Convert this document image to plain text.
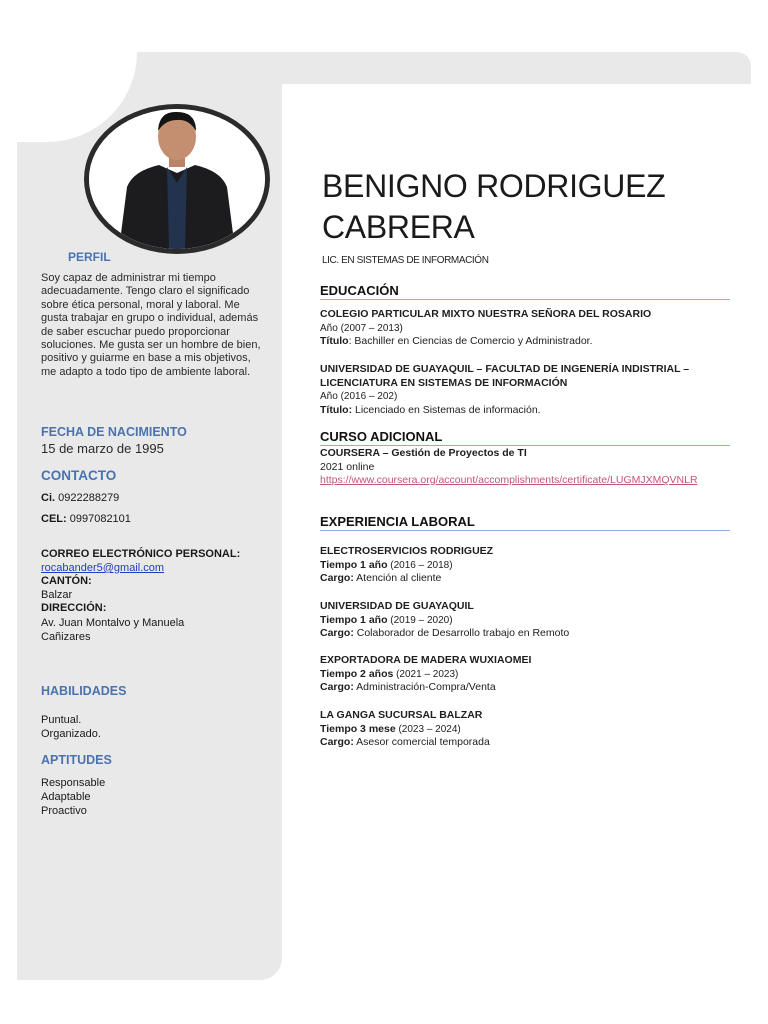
PERFIL
Soy capaz de administrar mi tiempo adecuadamente. Tengo claro el significado sobre ética personal, moral y laboral. Me gusta trabajar en grupo o individual, además de saber escuchar puedo proporcionar soluciones. Me gusta ser un hombre de bien, positivo y guiarme en base a mis objetivos, me adapto a todo tipo de ambiente laboral.
FECHA DE NACIMIENTO
15 de marzo de 1995
CONTACTO
Ci. 0922288279
CEL: 0997082101
CORREO ELECTRÓNICO PERSONAL:
rocabander5@gmail.com
CANTÓN:
Balzar
DIRECCIÓN:
Av. Juan Montalvo y Manuela Cañizares
HABILIDADES
Puntual.
Organizado.
APTITUDES
Responsable
Adaptable
Proactivo
BENIGNO RODRIGUEZ
CABRERA
LIC. EN SISTEMAS DE INFORMACIÓN
EDUCACIÓN
COLEGIO PARTICULAR MIXTO NUESTRA SEÑORA DEL ROSARIO
Año (2007 – 2013)
Título: Bachiller en Ciencias de Comercio y Administrador.
UNIVERSIDAD DE GUAYAQUIL – FACULTAD DE INGENERÍA INDISTRIAL – LICENCIATURA EN SISTEMAS DE INFORMACIÓN
Año (2016 – 202)
Título: Licenciado en Sistemas de información.
CURSO ADICIONAL
COURSERA – Gestión de Proyectos de TI
2021 online
https://www.coursera.org/account/accomplishments/certificate/LUGMJXMQVNLR
EXPERIENCIA LABORAL
ELECTROSERVICIOS RODRIGUEZ
Tiempo 1 año (2016 – 2018)
Cargo: Atención al cliente
UNIVERSIDAD DE GUAYAQUIL
Tiempo 1 año (2019 – 2020)
Cargo: Colaborador de Desarrollo trabajo en Remoto
EXPORTADORA DE MADERA WUXIAOMEI
Tiempo 2 años (2021 – 2023)
Cargo: Administración-Compra/Venta
LA GANGA SUCURSAL BALZAR
Tiempo 3 mese (2023 – 2024)
Cargo: Asesor comercial temporada
